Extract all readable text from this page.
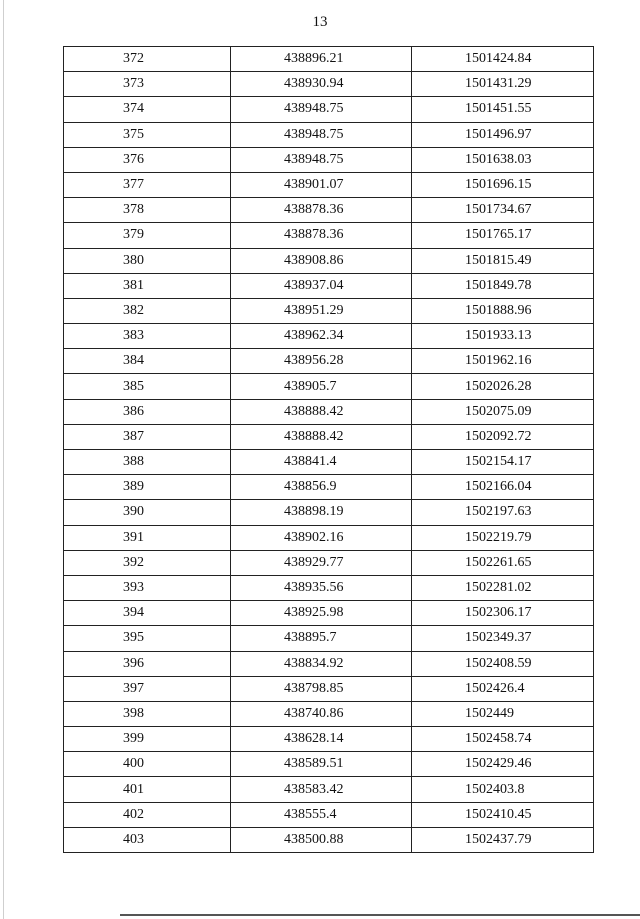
13
372	438896.21	1501424.84
373	438930.94	1501431.29
374	438948.75	1501451.55
375	438948.75	1501496.97
376	438948.75	1501638.03
377	438901.07	1501696.15
378	438878.36	1501734.67
379	438878.36	1501765.17
380	438908.86	1501815.49
381	438937.04	1501849.78
382	438951.29	1501888.96
383	438962.34	1501933.13
384	438956.28	1501962.16
385	438905.7	1502026.28
386	438888.42	1502075.09
387	438888.42	1502092.72
388	438841.4	1502154.17
389	438856.9	1502166.04
390	438898.19	1502197.63
391	438902.16	1502219.79
392	438929.77	1502261.65
393	438935.56	1502281.02
394	438925.98	1502306.17
395	438895.7	1502349.37
396	438834.92	1502408.59
397	438798.85	1502426.4
398	438740.86	1502449
399	438628.14	1502458.74
400	438589.51	1502429.46
401	438583.42	1502403.8
402	438555.4	1502410.45
403	438500.88	1502437.79
